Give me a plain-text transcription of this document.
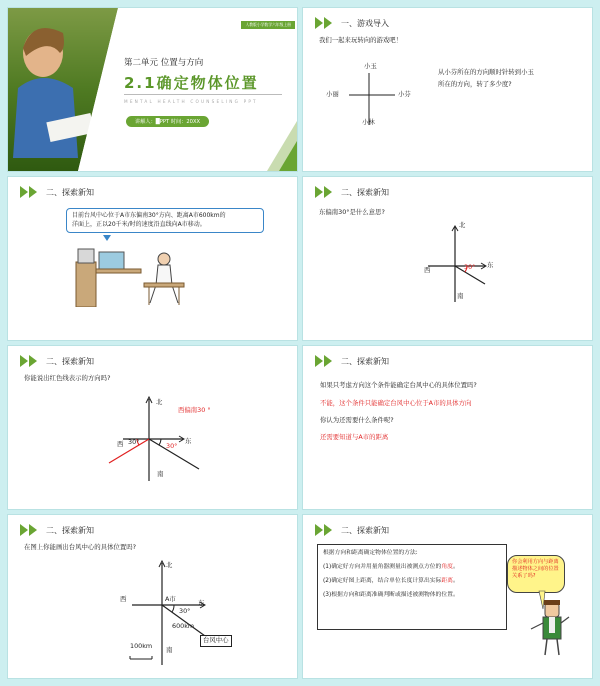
人教版小学数学六年级上册
第二单元 位置与方向
2.1确定物体位置
MENTAL HEALTH COUNSELING PPT
讲解人：█PPT 时间：20XX
一、游戏导入
我们一起来玩转向的游戏吧！
小玉
小丽	小芬
小林
从小芬所在的方向顺时针转到小玉
所在的方向，转了多少度?
二、探索新知
目前台风中心位于A市东偏南30°方向、距离A市600km的
洋面上，正以20千米/时的速度沿直线向A市移动。
二、探索新知
东偏南30°是什么意思?
北
西
东
南
30°
二、探索新知
你能说出红色线表示的方向吗?
北
西偏南30 °
西 30°	东
30°
南
二、探索新知
如果只考虑方向这个条件能确定台风中心的具体位置吗?
不能，这个条件只能确定台风中心位于A市的具体方向
你认为还需要什么条件呢?
还需要知道与A市的距离
二、探索新知
在图上你能画出台风中心的具体位置吗?
北
西	A市	东
30°
600km
台风中心
100km 南
二、探索新知
根据方向和距离确定物体位置的方法:
(1)确定好方向并用量角器测量出被测点方位的角度。
(2)确定好图上距离，结合单位长度计算出实际距离。
(3)根据方向和距离准确判断或描述被测物体的位置。
你会利用方向与距离描述物体之间的位置关系了吗?
